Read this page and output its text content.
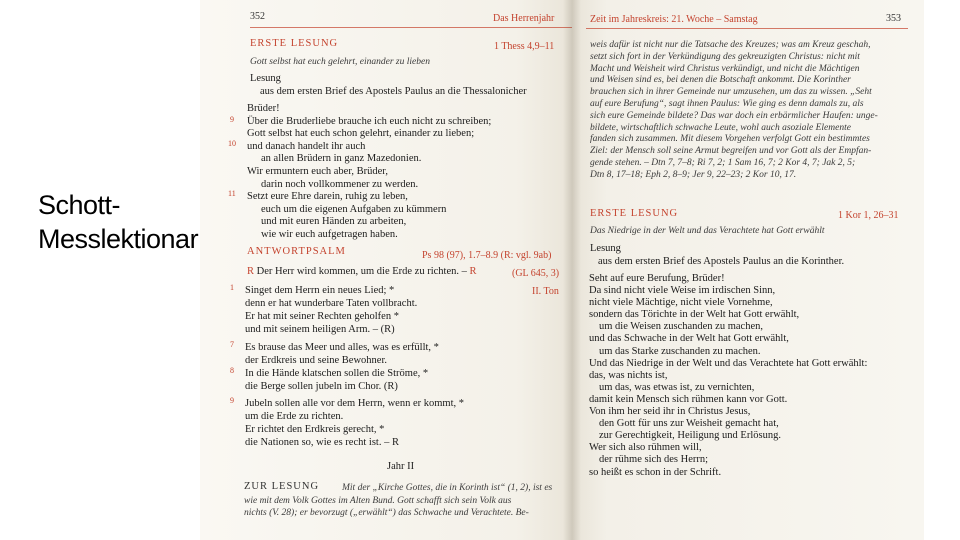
Schott-Messlektionar
352	Das Herrenjahr
ERSTE LESUNG	1 Thess 4,9–11
Gott selbst hat euch gelehrt, einander zu lieben
Lesung
aus dem ersten Brief des Apostels Paulus an die Thessalonicher
9
10
11
Brüder!
Über die Bruderliebe brauche ich euch nicht zu schreiben;
Gott selbst hat euch schon gelehrt, einander zu lieben;
und danach handelt ihr auch
an allen Brüdern in ganz Mazedonien.
Wir ermuntern euch aber, Brüder,
darin noch vollkommener zu werden.
Setzt eure Ehre darein, ruhig zu leben,
euch um die eigenen Aufgaben zu kümmern
und mit euren Händen zu arbeiten,
wie wir euch aufgetragen haben.
ANTWORTPSALM	Ps 98 (97), 1.7–8.9 (R: vgl. 9ab)
R Der Herr wird kommen, um die Erde zu richten. – R	(GL 645, 3)
II. Ton
1
7
8
9
Singet dem Herrn ein neues Lied; *
denn er hat wunderbare Taten vollbracht.
Er hat mit seiner Rechten geholfen *
und mit seinem heiligen Arm. – (R)
Es brause das Meer und alles, was es erfüllt, *
der Erdkreis und seine Bewohner.
In die Hände klatschen sollen die Ströme, *
die Berge sollen jubeln im Chor. (R)
Jubeln sollen alle vor dem Herrn, wenn er kommt, *
um die Erde zu richten.
Er richtet den Erdkreis gerecht, *
die Nationen so, wie es recht ist. – R
Jahr II
ZUR LESUNG	Mit der „Kirche Gottes, die in Korinth ist“ (1, 2), ist es
wie mit dem Volk Gottes im Alten Bund. Gott schafft sich sein Volk aus
nichts (V. 28); er bevorzugt („erwählt“) das Schwache und Verachtete. Be-
Zeit im Jahreskreis: 21. Woche – Samstag	353
weis dafür ist nicht nur die Tatsache des Kreuzes; was am Kreuz geschah,
setzt sich fort in der Verkündigung des gekreuzigten Christus: nicht mit
Macht und Weisheit wird Christus verkündigt, und nicht die Mächtigen
und Weisen sind es, bei denen die Botschaft ankommt. Die Korinther
brauchen sich in ihrer Gemeinde nur umzusehen, um das zu wissen. „Seht
auf eure Berufung“, sagt ihnen Paulus: Wie ging es denn damals zu, als
sich eure Gemeinde bildete? Das war doch ein erbärmlicher Haufen: unge-
bildete, wirtschaftlich schwache Leute, wohl auch asoziale Elemente
fanden sich zusammen. Mit diesem Vorgehen verfolgt Gott ein bestimmtes
Ziel: der Mensch soll seine Armut begreifen und vor Gott als der Empfan-
gende stehen. – Dtn 7, 7–8; Ri 7, 2; 1 Sam 16, 7; 2 Kor 4, 7; Jak 2, 5;
Dtn 8, 17–18; Eph 2, 8–9; Jer 9, 22–23; 2 Kor 10, 17.
ERSTE LESUNG	1 Kor 1, 26–31
Das Niedrige in der Welt und das Verachtete hat Gott erwählt
Lesung
aus dem ersten Brief des Apostels Paulus an die Korinther.
Seht auf eure Berufung, Brüder!
Da sind nicht viele Weise im irdischen Sinn,
nicht viele Mächtige, nicht viele Vornehme,
sondern das Törichte in der Welt hat Gott erwählt,
um die Weisen zuschanden zu machen,
und das Schwache in der Welt hat Gott erwählt,
um das Starke zuschanden zu machen.
Und das Niedrige in der Welt und das Verachtete hat Gott erwählt:
das, was nichts ist,
um das, was etwas ist, zu vernichten,
damit kein Mensch sich rühmen kann vor Gott.
Von ihm her seid ihr in Christus Jesus,
den Gott für uns zur Weisheit gemacht hat,
zur Gerechtigkeit, Heiligung und Erlösung.
Wer sich also rühmen will,
der rühme sich des Herrn;
so heißt es schon in der Schrift.
